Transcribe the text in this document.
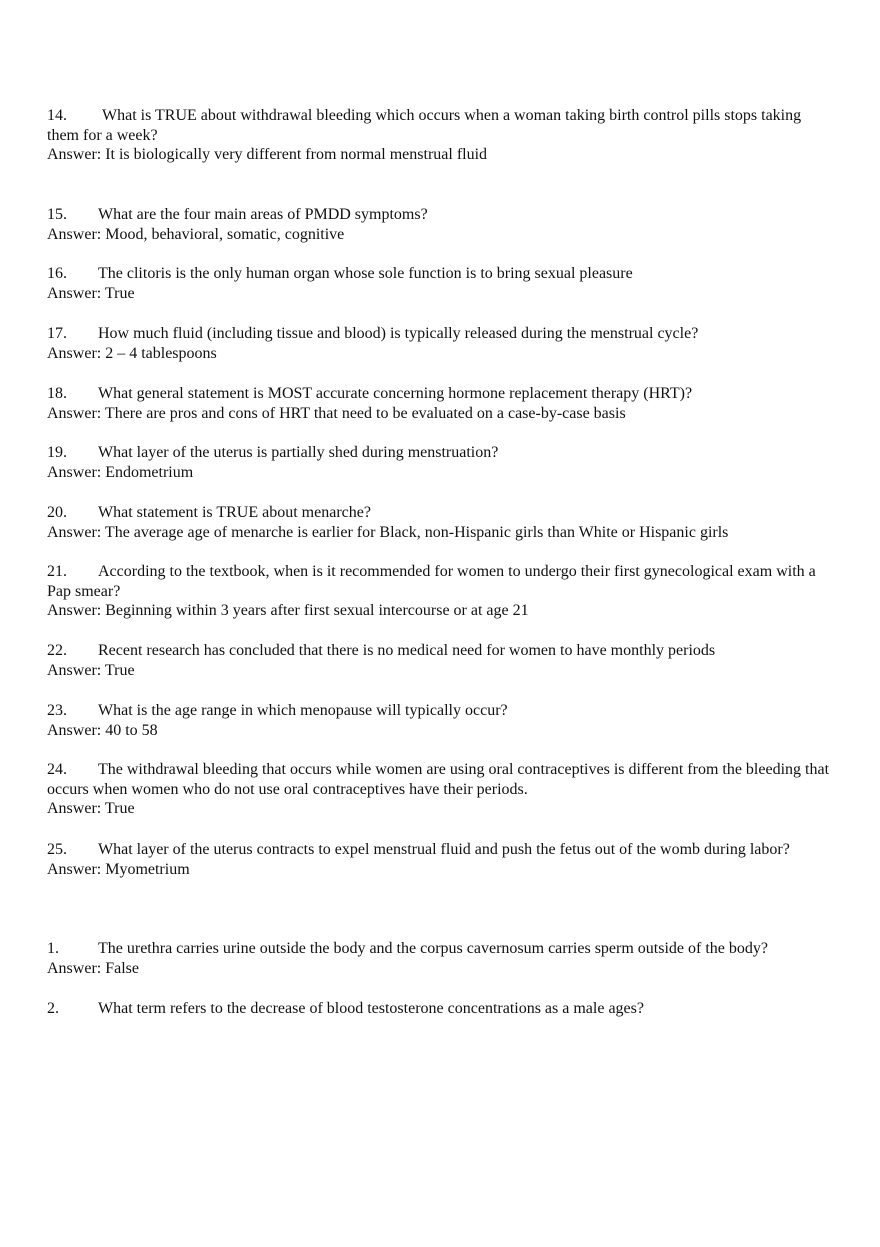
14. What is TRUE about withdrawal bleeding which occurs when a woman taking birth control pills stops taking them for a week?

Answer: It is biologically very different from normal menstrual fluid

15. What are the four main areas of PMDD symptoms?

Answer: Mood, behavioral, somatic, cognitive

16. The clitoris is the only human organ whose sole function is to bring sexual pleasure

Answer: True

17. How much fluid (including tissue and blood) is typically released during the menstrual cycle?

Answer: 2 – 4 tablespoons

18. What general statement is MOST accurate concerning hormone replacement therapy (HRT)?

Answer: There are pros and cons of HRT that need to be evaluated on a case-by-case basis

19. What layer of the uterus is partially shed during menstruation?

Answer: Endometrium

20. What statement is TRUE about menarche?

Answer: The average age of menarche is earlier for Black, non-Hispanic girls than White or Hispanic girls

21. According to the textbook, when is it recommended for women to undergo their first gynecological exam with a Pap smear?

Answer: Beginning within 3 years after first sexual intercourse or at age 21

22. Recent research has concluded that there is no medical need for women to have monthly periods

Answer: True

23. What is the age range in which menopause will typically occur?

Answer: 40 to 58

24. The withdrawal bleeding that occurs while women are using oral contraceptives is different from the bleeding that occurs when women who do not use oral contraceptives have their periods.

Answer: True

25. What layer of the uterus contracts to expel menstrual fluid and push the fetus out of the womb during labor?

Answer: Myometrium

1. The urethra carries urine outside the body and the corpus cavernosum carries sperm outside of the body?

Answer: False

2. What term refers to the decrease of blood testosterone concentrations as a male ages?
